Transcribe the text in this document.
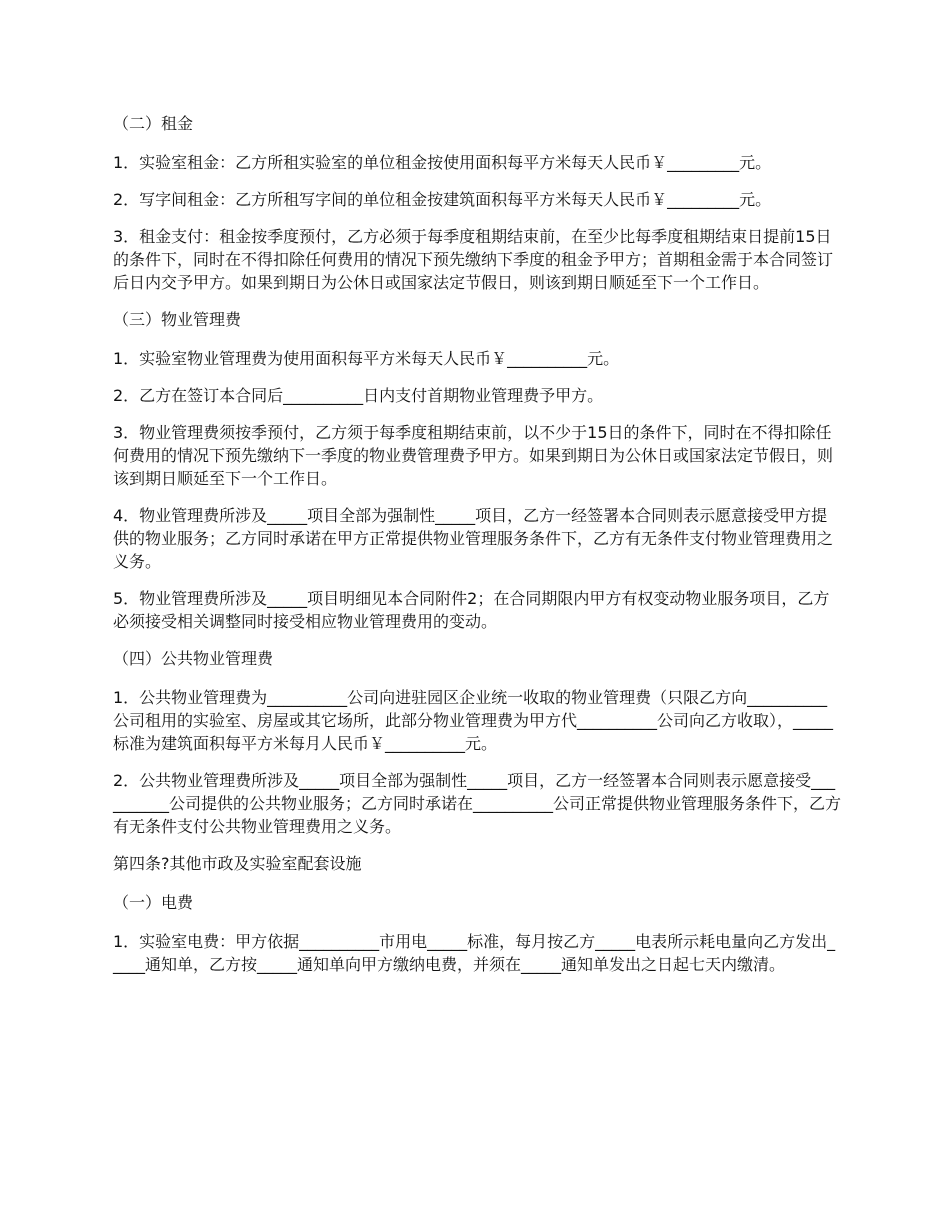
（二）租金

1．实验室租金：乙方所租实验室的单位租金按使用面积每平方米每天人民币￥_________元。

2．写字间租金：乙方所租写字间的单位租金按建筑面积每平方米每天人民币￥_________元。

3．租金支付：租金按季度预付，乙方必须于每季度租期结束前，在至少比每季度租期结束日提前15日的条件下，同时在不得扣除任何费用的情况下预先缴纳下季度的租金予甲方；首期租金需于本合同签订后日内交予甲方。如果到期日为公休日或国家法定节假日，则该到期日顺延至下一个工作日。

（三）物业管理费

1．实验室物业管理费为使用面积每平方米每天人民币￥__________元。

2．乙方在签订本合同后__________日内支付首期物业管理费予甲方。

3．物业管理费须按季预付，乙方须于每季度租期结束前，以不少于15日的条件下，同时在不得扣除任何费用的情况下预先缴纳下一季度的物业费管理费予甲方。如果到期日为公休日或国家法定节假日，则该到期日顺延至下一个工作日。

4．物业管理费所涉及_____项目全部为强制性_____项目，乙方一经签署本合同则表示愿意接受甲方提供的物业服务；乙方同时承诺在甲方正常提供物业管理服务条件下，乙方有无条件支付物业管理费用之义务。

5．物业管理费所涉及_____项目明细见本合同附件2；在合同期限内甲方有权变动物业服务项目，乙方必须接受相关调整同时接受相应物业管理费用的变动。

（四）公共物业管理费

1．公共物业管理费为__________公司向进驻园区企业统一收取的物业管理费（只限乙方向__________公司租用的实验室、房屋或其它场所，此部分物业管理费为甲方代__________公司向乙方收取），_____标准为建筑面积每平方米每月人民币￥__________元。

2．公共物业管理费所涉及_____项目全部为强制性_____项目，乙方一经签署本合同则表示愿意接受__________公司提供的公共物业服务；乙方同时承诺在__________公司正常提供物业管理服务条件下，乙方有无条件支付公共物业管理费用之义务。

第四条?其他市政及实验室配套设施

（一）电费

1．实验室电费：甲方依据__________市用电_____标准，每月按乙方_____电表所示耗电量向乙方发出_____通知单，乙方按_____通知单向甲方缴纳电费，并须在_____通知单发出之日起七天内缴清。
